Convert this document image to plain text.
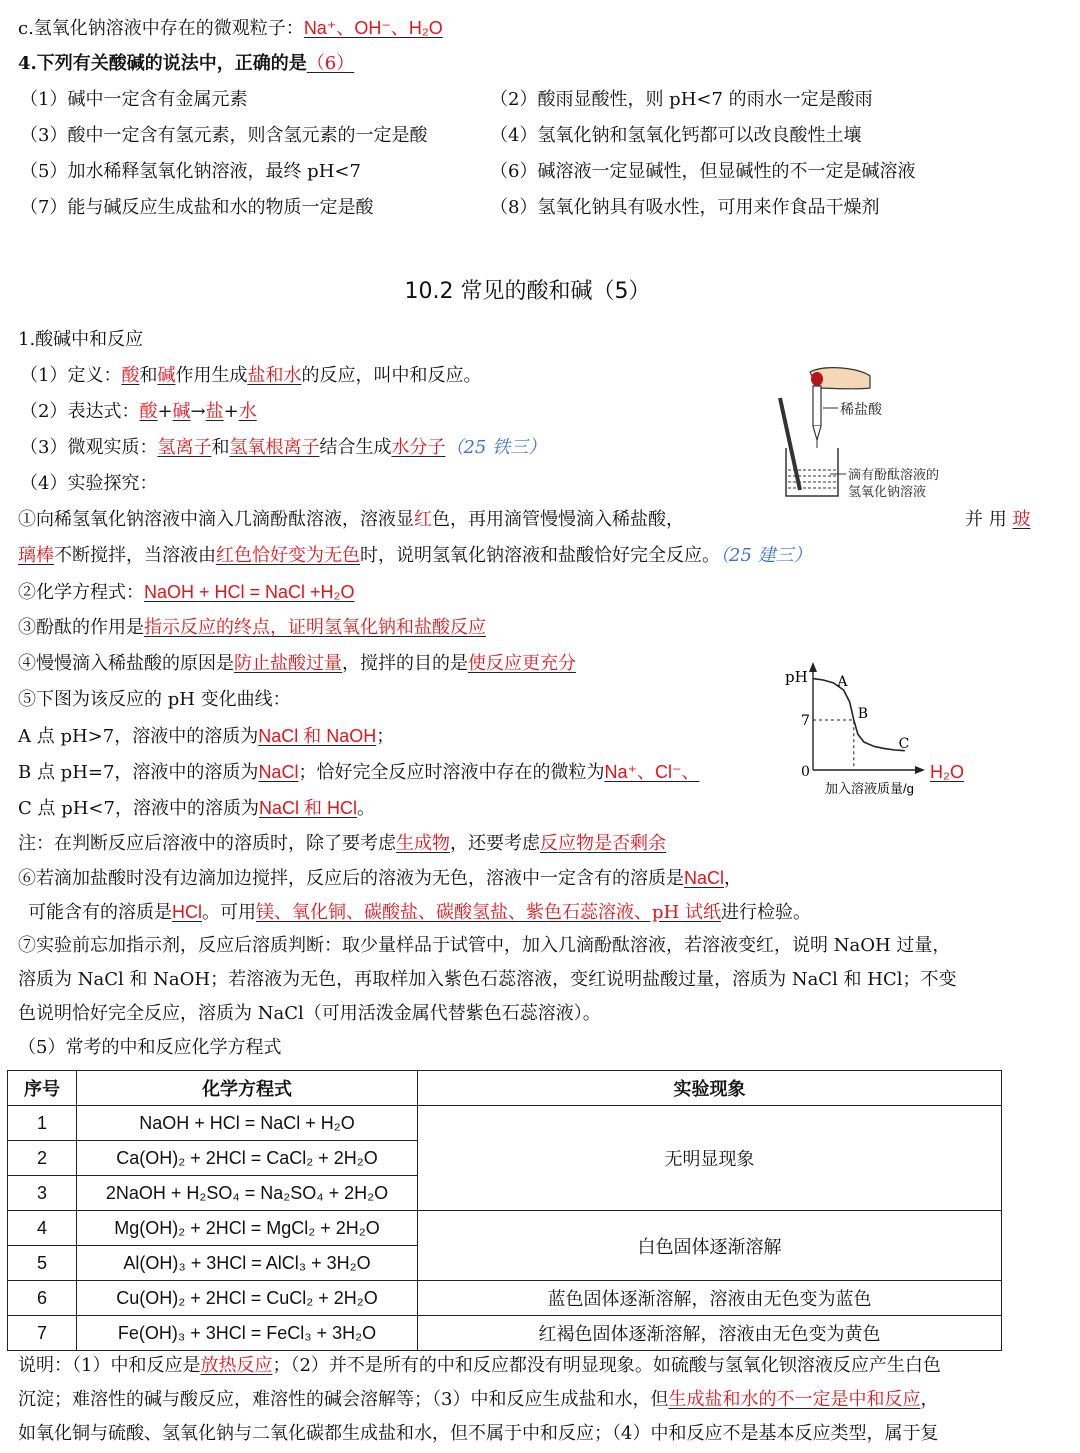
c.氢氧化钠溶液中存在的微观粒子：Na⁺、OH⁻、H₂O
4.下列有关酸碱的说法中，正确的是（6）
（1）碱中一定含有金属元素	（2）酸雨显酸性，则 pH<7 的雨水一定是酸雨
（3）酸中一定含有氢元素，则含氢元素的一定是酸	（4）氢氧化钠和氢氧化钙都可以改良酸性土壤
（5）加水稀释氢氧化钠溶液，最终 pH<7	（6）碱溶液一定显碱性，但显碱性的不一定是碱溶液
（7）能与碱反应生成盐和水的物质一定是酸	（8）氢氧化钠具有吸水性，可用来作食品干燥剂
10.2 常见的酸和碱（5）
1.酸碱中和反应
（1）定义：酸和碱作用生成盐和水的反应，叫中和反应。
（2）表达式：酸+碱→盐+水
（3）微观实质：氢离子和氢氧根离子结合生成水分子（25 铁三）
（4）实验探究：
稀盐酸
滴有酚酞溶液的
氢氧化钠溶液
①向稀氢氧化钠溶液中滴入几滴酚酞溶液，溶液显红色，再用滴管慢慢滴入稀盐酸，	并 用 玻
璃棒不断搅拌，当溶液由红色恰好变为无色时，说明氢氧化钠溶液和盐酸恰好完全反应。（25 建三）
②化学方程式：NaOH + HCl = NaCl +H₂O
③酚酞的作用是指示反应的终点，证明氢氧化钠和盐酸反应
④慢慢滴入稀盐酸的原因是防止盐酸过量，搅拌的目的是使反应更充分
⑤下图为该反应的 pH 变化曲线：
A 点 pH>7，溶液中的溶质为NaCl 和 NaOH；
B 点 pH=7，溶液中的溶质为NaCl；恰好完全反应时溶液中存在的微粒为Na⁺、Cl⁻、	H₂O
C 点 pH<7，溶液中的溶质为NaCl 和 HCl。
pH
0
加入溶液质量/g
7
A
B
C
注：在判断反应后溶液中的溶质时，除了要考虑生成物，还要考虑反应物是否剩余
⑥若滴加盐酸时没有边滴加边搅拌，反应后的溶液为无色，溶液中一定含有的溶质是NaCl，
可能含有的溶质是HCl。可用镁、氧化铜、碳酸盐、碳酸氢盐、紫色石蕊溶液、pH 试纸进行检验。
⑦实验前忘加指示剂，反应后溶质判断：取少量样品于试管中，加入几滴酚酞溶液，若溶液变红，说明 NaOH 过量，
溶质为 NaCl 和 NaOH；若溶液为无色，再取样加入紫色石蕊溶液，变红说明盐酸过量，溶质为 NaCl 和 HCl；不变
色说明恰好完全反应，溶质为 NaCl（可用活泼金属代替紫色石蕊溶液）。
（5）常考的中和反应化学方程式
序号	化学方程式	实验现象
1	NaOH + HCl = NaCl + H₂O	无明显现象
2	Ca(OH)₂ + 2HCl = CaCl₂ + 2H₂O	
3	2NaOH + H₂SO₄ = Na₂SO₄ + 2H₂O	
4	Mg(OH)₂ + 2HCl = MgCl₂ + 2H₂O	白色固体逐渐溶解
5	Al(OH)₃ + 3HCl = AlCl₃ + 3H₂O	
6	Cu(OH)₂ + 2HCl = CuCl₂ + 2H₂O	蓝色固体逐渐溶解，溶液由无色变为蓝色
7	Fe(OH)₃ + 3HCl = FeCl₃ + 3H₂O	红褐色固体逐渐溶解，溶液由无色变为黄色
说明：（1）中和反应是放热反应；（2）并不是所有的中和反应都没有明显现象。如硫酸与氢氧化钡溶液反应产生白色
沉淀；难溶性的碱与酸反应，难溶性的碱会溶解等；（3）中和反应生成盐和水，但生成盐和水的不一定是中和反应，
如氧化铜与硫酸、氢氧化钠与二氧化碳都生成盐和水，但不属于中和反应；（4）中和反应不是基本反应类型，属于复
